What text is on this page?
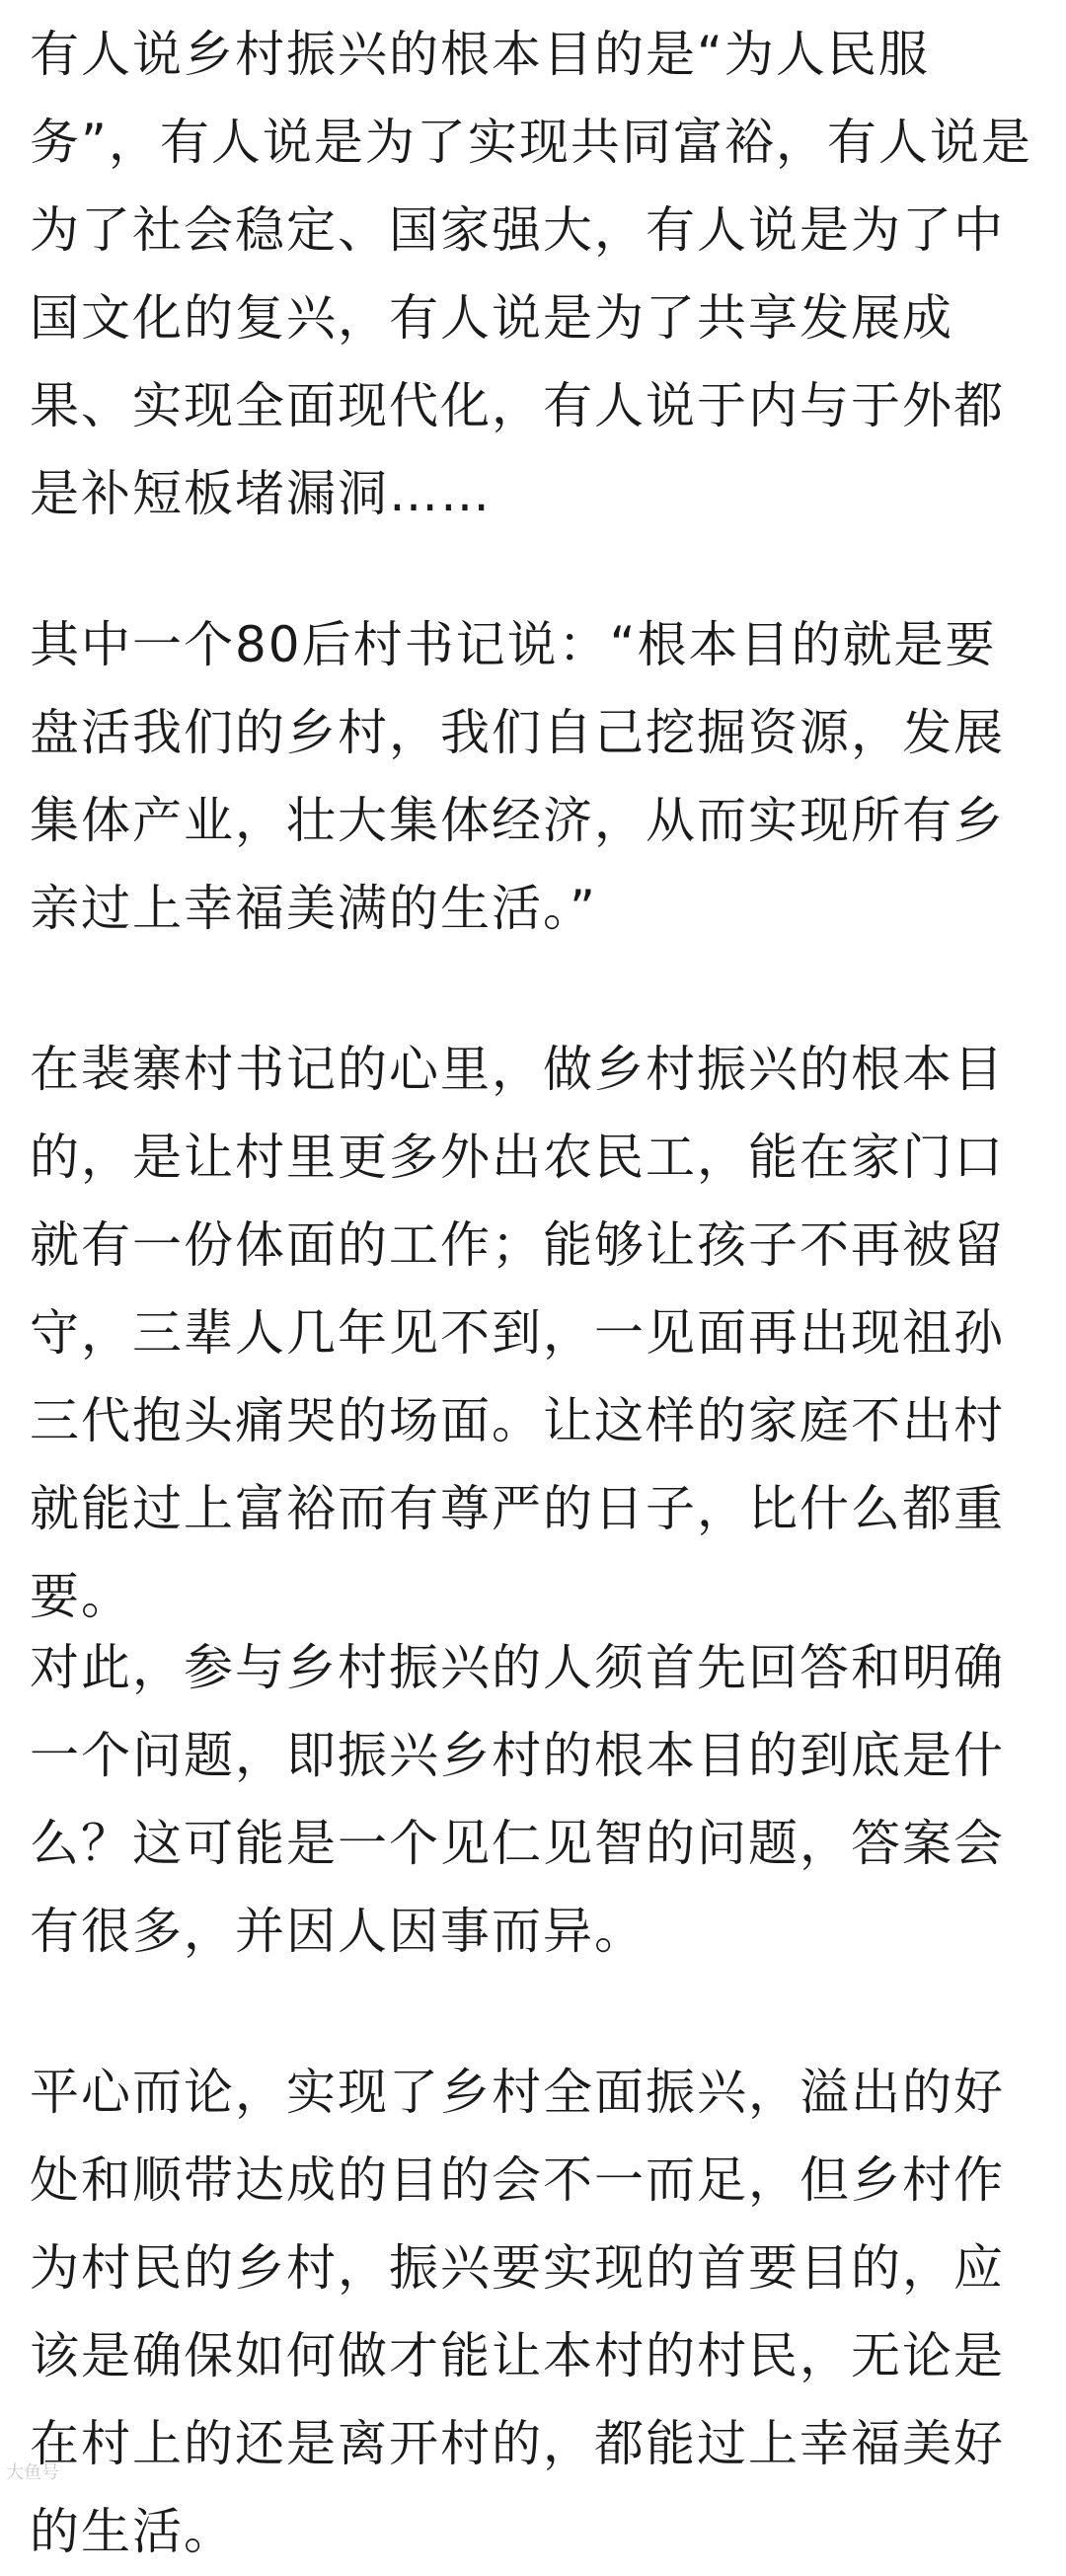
有人说乡村振兴的根本目的是“为人民服务”，有人说是为了实现共同富裕，有人说是为了社会稳定、国家强大，有人说是为了中国文化的复兴，有人说是为了共享发展成果、实现全面现代化，有人说于内与于外都是补短板堵漏洞……

其中一个80后村书记说：“根本目的就是要盘活我们的乡村，我们自己挖掘资源，发展集体产业，壮大集体经济，从而实现所有乡亲过上幸福美满的生活。”

在裴寨村书记的心里，做乡村振兴的根本目的，是让村里更多外出农民工，能在家门口就有一份体面的工作；能够让孩子不再被留守，三辈人几年见不到，一见面再出现祖孙三代抱头痛哭的场面。让这样的家庭不出村就能过上富裕而有尊严的日子，比什么都重要。

对此，参与乡村振兴的人须首先回答和明确一个问题，即振兴乡村的根本目的到底是什么？这可能是一个见仁见智的问题，答案会有很多，并因人因事而异。

平心而论，实现了乡村全面振兴，溢出的好处和顺带达成的目的会不一而足，但乡村作为村民的乡村，振兴要实现的首要目的，应该是确保如何做才能让本村的村民，无论是在村上的还是离开村的，都能过上幸福美好的生活。

大鱼号
